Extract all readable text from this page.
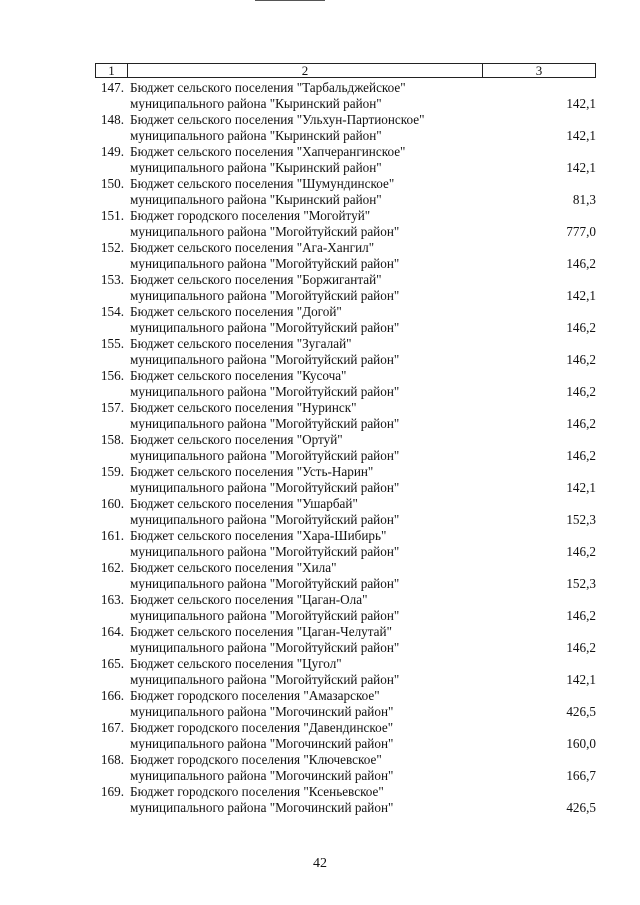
1	2	3
147. Бюджет сельского поселения "Тарбальджейское"
муниципального района "Кыринский район"	142,1
148. Бюджет сельского поселения "Ульхун-Партионское"
муниципального района "Кыринский район"	142,1
149. Бюджет сельского поселения "Хапчерангинское"
муниципального района "Кыринский район"	142,1
150. Бюджет сельского поселения "Шумундинское"
муниципального района "Кыринский район"	81,3
151. Бюджет городского поселения "Могойтуй"
муниципального района "Могойтуйский район"	777,0
152. Бюджет сельского поселения "Ага-Хангил"
муниципального района "Могойтуйский район"	146,2
153. Бюджет сельского поселения "Боржигантай"
муниципального района "Могойтуйский район"	142,1
154. Бюджет сельского поселения "Догой"
муниципального района "Могойтуйский район"	146,2
155. Бюджет сельского поселения "Зугалай"
муниципального района "Могойтуйский район"	146,2
156. Бюджет сельского поселения "Кусоча"
муниципального района "Могойтуйский район"	146,2
157. Бюджет сельского поселения "Нуринск"
муниципального района "Могойтуйский район"	146,2
158. Бюджет сельского поселения "Ортуй"
муниципального района "Могойтуйский район"	146,2
159. Бюджет сельского поселения "Усть-Нарин"
муниципального района "Могойтуйский район"	142,1
160. Бюджет сельского поселения "Ушарбай"
муниципального района "Могойтуйский район"	152,3
161. Бюджет сельского поселения "Хара-Шибирь"
муниципального района "Могойтуйский район"	146,2
162. Бюджет сельского поселения "Хила"
муниципального района "Могойтуйский район"	152,3
163. Бюджет сельского поселения "Цаган-Ола"
муниципального района "Могойтуйский район"	146,2
164. Бюджет сельского поселения "Цаган-Челутай"
муниципального района "Могойтуйский район"	146,2
165. Бюджет сельского поселения "Цугол"
муниципального района "Могойтуйский район"	142,1
166. Бюджет городского поселения "Амазарское"
муниципального района "Могочинский район"	426,5
167. Бюджет городского поселения "Давендинское"
муниципального района "Могочинский район"	160,0
168. Бюджет городского поселения "Ключевское"
муниципального района "Могочинский район"	166,7
169. Бюджет городского поселения "Ксеньевское"
муниципального района "Могочинский район"	426,5
42
